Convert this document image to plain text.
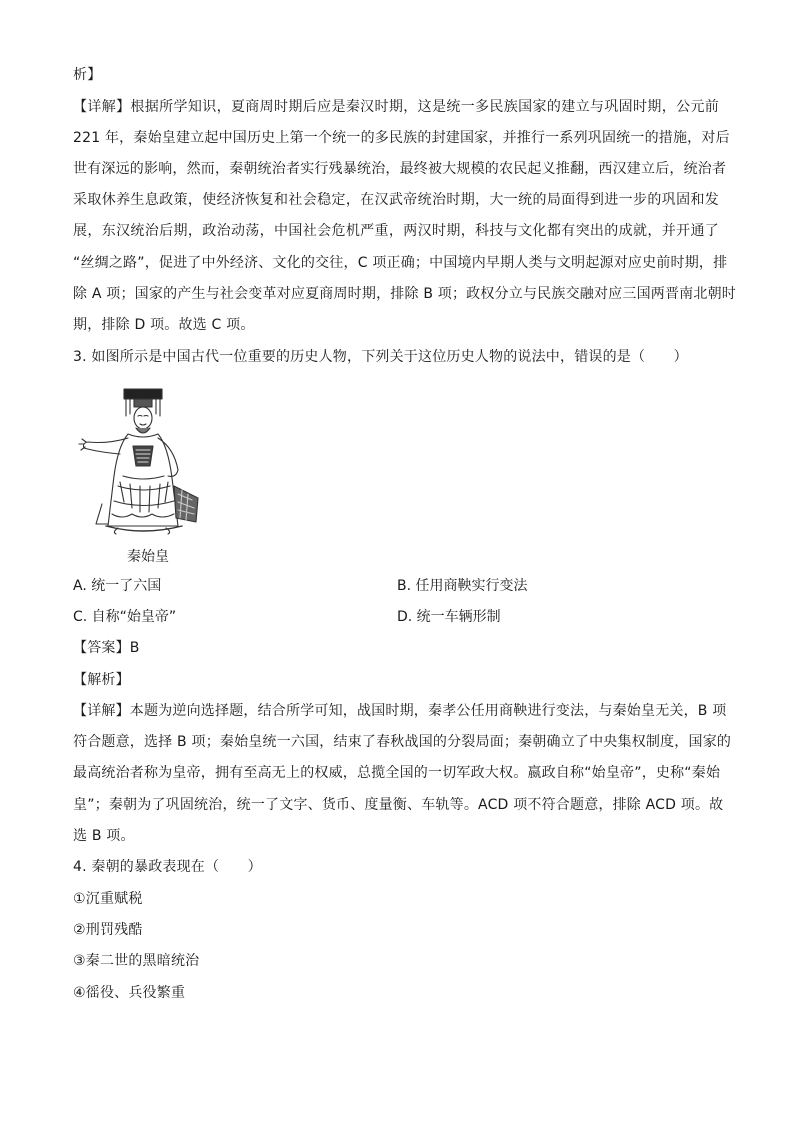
析】
【详解】根据所学知识，夏商周时期后应是秦汉时期，这是统一多民族国家的建立与巩固时期，公元前
221 年，秦始皇建立起中国历史上第一个统一的多民族的封建国家，并推行一系列巩固统一的措施，对后
世有深远的影响，然而，秦朝统治者实行残暴统治，最终被大规模的农民起义推翻，西汉建立后，统治者
采取休养生息政策，使经济恢复和社会稳定，在汉武帝统治时期，大一统的局面得到进一步的巩固和发
展，东汉统治后期，政治动荡，中国社会危机严重，两汉时期，科技与文化都有突出的成就，并开通了
“丝绸之路”，促进了中外经济、文化的交往，C 项正确；中国境内早期人类与文明起源对应史前时期，排
除 A 项；国家的产生与社会变革对应夏商周时期，排除 B 项；政权分立与民族交融对应三国两晋南北朝时
期，排除 D 项。故选 C 项。
3. 如图所示是中国古代一位重要的历史人物，下列关于这位历史人物的说法中，错误的是（　　）
秦始皇
A. 统一了六国	B. 任用商鞅实行变法
C. 自称“始皇帝”	D. 统一车辆形制
【答案】B
【解析】
【详解】本题为逆向选择题，结合所学可知，战国时期，秦孝公任用商鞅进行变法，与秦始皇无关，B 项
符合题意，选择 B 项；秦始皇统一六国，结束了春秋战国的分裂局面；秦朝确立了中央集权制度，国家的
最高统治者称为皇帝，拥有至高无上的权威，总揽全国的一切军政大权。嬴政自称“始皇帝”，史称“秦始
皇”；秦朝为了巩固统治，统一了文字、货币、度量衡、车轨等。ACD 项不符合题意，排除 ACD 项。故
选 B 项。
4. 秦朝的暴政表现在（　　）
①沉重赋税
②刑罚残酷
③秦二世的黑暗统治
④徭役、兵役繁重
